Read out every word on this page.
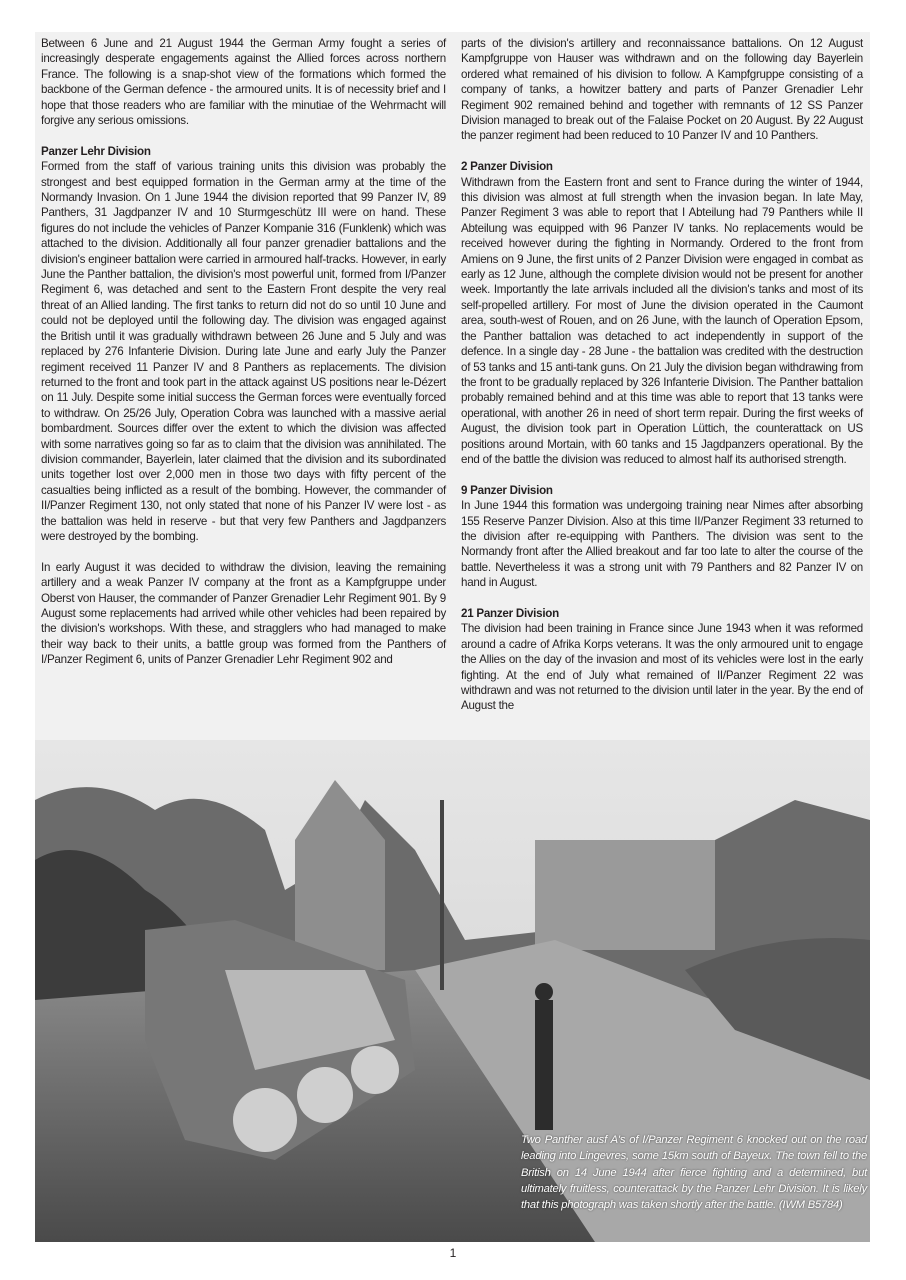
Between 6 June and 21 August 1944 the German Army fought a series of increasingly desperate engagements against the Allied forces across northern France. The following is a snap-shot view of the formations which formed the backbone of the German defence - the armoured units. It is of necessity brief and I hope that those readers who are familiar with the minutiae of the Wehrmacht will forgive any serious omissions.

Panzer Lehr Division

Formed from the staff of various training units this division was probably the strongest and best equipped formation in the German army at the time of the Normandy Invasion. On 1 June 1944 the division reported that 99 Panzer IV, 89 Panthers, 31 Jagdpanzer IV and 10 Sturmgeschütz III were on hand. These figures do not include the vehicles of Panzer Kompanie 316 (Funklenk) which was attached to the division. Additionally all four panzer grenadier battalions and the division's engineer battalion were carried in armoured half-tracks. However, in early June the Panther battalion, the division's most powerful unit, formed from I/Panzer Regiment 6, was detached and sent to the Eastern Front despite the very real threat of an Allied landing. The first tanks to return did not do so until 10 June and could not be deployed until the following day. The division was engaged against the British until it was gradually withdrawn between 26 June and 5 July and was replaced by 276 Infanterie Division. During late June and early July the Panzer regiment received 11 Panzer IV and 8 Panthers as replacements. The division returned to the front and took part in the attack against US positions near le-Dézert on 11 July. Despite some initial success the German forces were eventually forced to withdraw. On 25/26 July, Operation Cobra was launched with a massive aerial bombardment. Sources differ over the extent to which the division was affected with some narratives going so far as to claim that the division was annihilated. The division commander, Bayerlein, later claimed that the division and its subordinated units together lost over 2,000 men in those two days with fifty percent of the casualties being inflicted as a result of the bombing. However, the commander of II/Panzer Regiment 130, not only stated that none of his Panzer IV were lost - as the battalion was held in reserve - but that very few Panthers and Jagdpanzers were destroyed by the bombing.

In early August it was decided to withdraw the division, leaving the remaining artillery and a weak Panzer IV company at the front as a Kampfgruppe under Oberst von Hauser, the commander of Panzer Grenadier Lehr Regiment 901. By 9 August some replacements had arrived while other vehicles had been repaired by the division's workshops. With these, and stragglers who had managed to make their way back to their units, a battle group was formed from the Panthers of I/Panzer Regiment 6, units of Panzer Grenadier Lehr Regiment 902 and

parts of the division's artillery and reconnaissance battalions. On 12 August Kampfgruppe von Hauser was withdrawn and on the following day Bayerlein ordered what remained of his division to follow. A Kampfgruppe consisting of a company of tanks, a howitzer battery and parts of Panzer Grenadier Lehr Regiment 902 remained behind and together with remnants of 12 SS Panzer Division managed to break out of the Falaise Pocket on 20 August. By 22 August the panzer regiment had been reduced to 10 Panzer IV and 10 Panthers.

2 Panzer Division

Withdrawn from the Eastern front and sent to France during the winter of 1944, this division was almost at full strength when the invasion began. In late May, Panzer Regiment 3 was able to report that I Abteilung had 79 Panthers while II Abteilung was equipped with 96 Panzer IV tanks. No replacements would be received however during the fighting in Normandy. Ordered to the front from Amiens on 9 June, the first units of 2 Panzer Division were engaged in combat as early as 12 June, although the complete division would not be present for another week. Importantly the late arrivals included all the division's tanks and most of its self-propelled artillery. For most of June the division operated in the Caumont area, south-west of Rouen, and on 26 June, with the launch of Operation Epsom, the Panther battalion was detached to act independently in support of the defence. In a single day - 28 June - the battalion was credited with the destruction of 53 tanks and 15 anti-tank guns. On 21 July the division began withdrawing from the front to be gradually replaced by 326 Infanterie Division. The Panther battalion probably remained behind and at this time was able to report that 13 tanks were operational, with another 26 in need of short term repair. During the first weeks of August, the division took part in Operation Lüttich, the counterattack on US positions around Mortain, with 60 tanks and 15 Jagdpanzers operational. By the end of the battle the division was reduced to almost half its authorised strength.

9 Panzer Division

In June 1944 this formation was undergoing training near Nimes after absorbing 155 Reserve Panzer Division. Also at this time II/Panzer Regiment 33 returned to the division after re-equipping with Panthers. The division was sent to the Normandy front after the Allied breakout and far too late to alter the course of the battle. Nevertheless it was a strong unit with 79 Panthers and 82 Panzer IV on hand in August.

21 Panzer Division

The division had been training in France since June 1943 when it was reformed around a cadre of Afrika Korps veterans. It was the only armoured unit to engage the Allies on the day of the invasion and most of its vehicles were lost in the early fighting. At the end of July what remained of II/Panzer Regiment 22 was withdrawn and was not returned to the division until later in the year. By the end of August the

Two Panther ausf A's of I/Panzer Regiment 6 knocked out on the road leading into Lingevres, some 15km south of Bayeux. The town fell to the British on 14 June 1944 after fierce fighting and a determined, but ultimately fruitless, counterattack by the Panzer Lehr Division. It is likely that this photograph was taken shortly after the battle. (IWM B5784)
1
